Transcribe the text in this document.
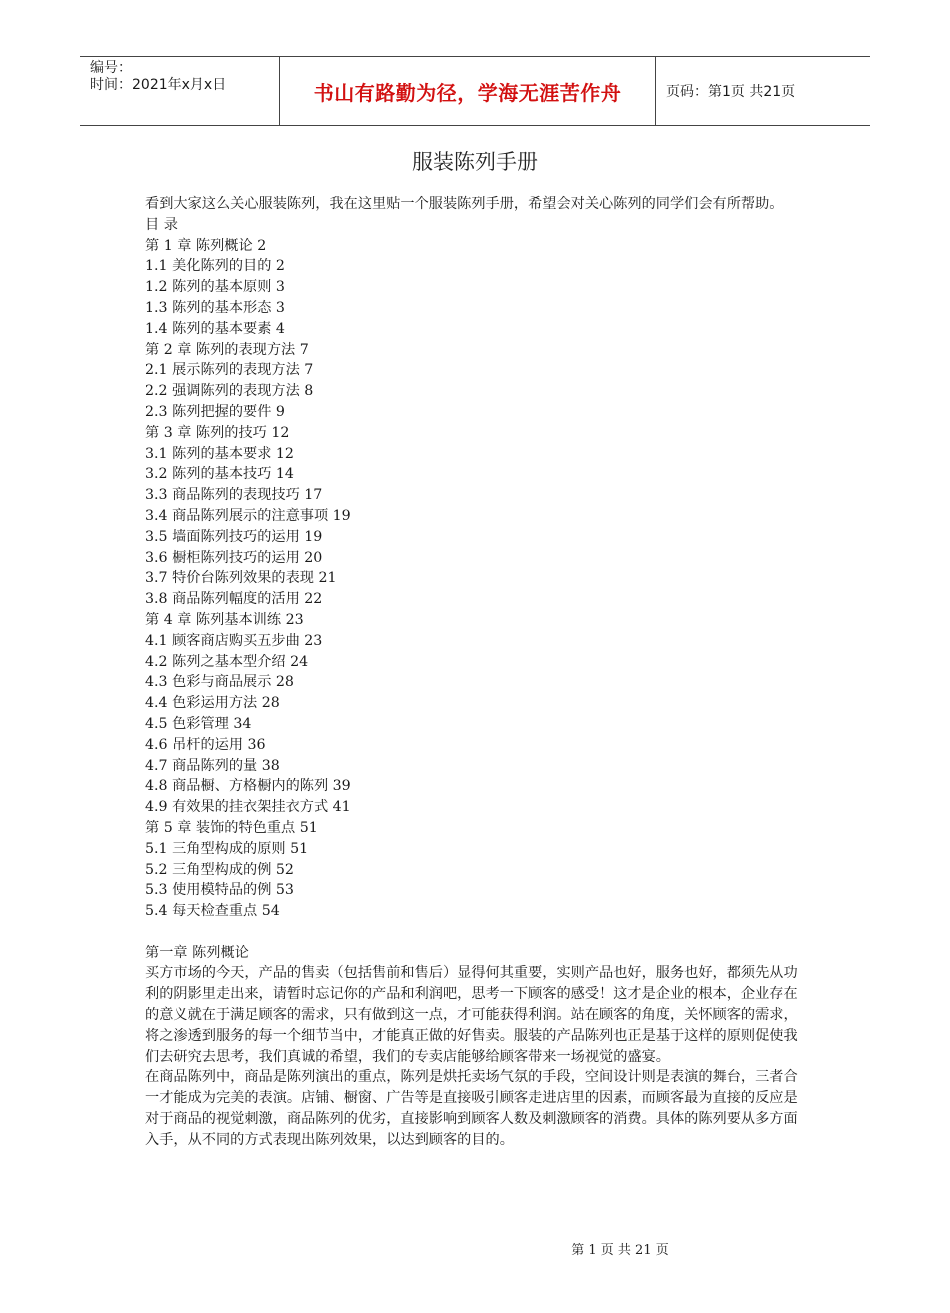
编号：
时间：2021年x月x日	书山有路勤为径，学海无涯苦作舟	页码：第1页 共21页
服装陈列手册

看到大家这么关心服装陈列，我在这里贴一个服装陈列手册，希望会对关心陈列的同学们会有所帮助。

目 录

第 1 章 陈列概论 2
1.1 美化陈列的目的 2
1.2 陈列的基本原则 3
1.3 陈列的基本形态 3
1.4 陈列的基本要素 4
第 2 章 陈列的表现方法 7
2.1 展示陈列的表现方法 7
2.2 强调陈列的表现方法 8
2.3 陈列把握的要件 9
第 3 章 陈列的技巧 12
3.1 陈列的基本要求 12
3.2 陈列的基本技巧 14
3.3 商品陈列的表现技巧 17
3.4 商品陈列展示的注意事项 19
3.5 墙面陈列技巧的运用 19
3.6 橱柜陈列技巧的运用 20
3.7 特价台陈列效果的表现 21
3.8 商品陈列幅度的活用 22
第 4 章 陈列基本训练 23
4.1 顾客商店购买五步曲 23
4.2 陈列之基本型介绍 24
4.3 色彩与商品展示 28
4.4 色彩运用方法 28
4.5 色彩管理 34
4.6 吊杆的运用 36
4.7 商品陈列的量 38
4.8 商品橱、方格橱内的陈列 39
4.9 有效果的挂衣架挂衣方式 41
第 5 章 装饰的特色重点 51
5.1 三角型构成的原则 51
5.2 三角型构成的例 52
5.3 使用模特品的例 53
5.4 每天检查重点 54

第一章 陈列概论

买方市场的今天，产品的售卖（包括售前和售后）显得何其重要，实则产品也好，服务也好，都须先从功利的阴影里走出来，请暂时忘记你的产品和利润吧，思考一下顾客的感受！这才是企业的根本，企业存在的意义就在于满足顾客的需求，只有做到这一点，才可能获得利润。站在顾客的角度，关怀顾客的需求，将之渗透到服务的每一个细节当中，才能真正做的好售卖。服装的产品陈列也正是基于这样的原则促使我们去研究去思考，我们真诚的希望，我们的专卖店能够给顾客带来一场视觉的盛宴。

在商品陈列中，商品是陈列演出的重点，陈列是烘托卖场气氛的手段，空间设计则是表演的舞台，三者合一才能成为完美的表演。店铺、橱窗、广告等是直接吸引顾客走进店里的因素，而顾客最为直接的反应是对于商品的视觉刺激，商品陈列的优劣，直接影响到顾客人数及刺激顾客的消费。具体的陈列要从多方面入手，从不同的方式表现出陈列效果，以达到顾客的目的。

第 1 页 共 21 页
